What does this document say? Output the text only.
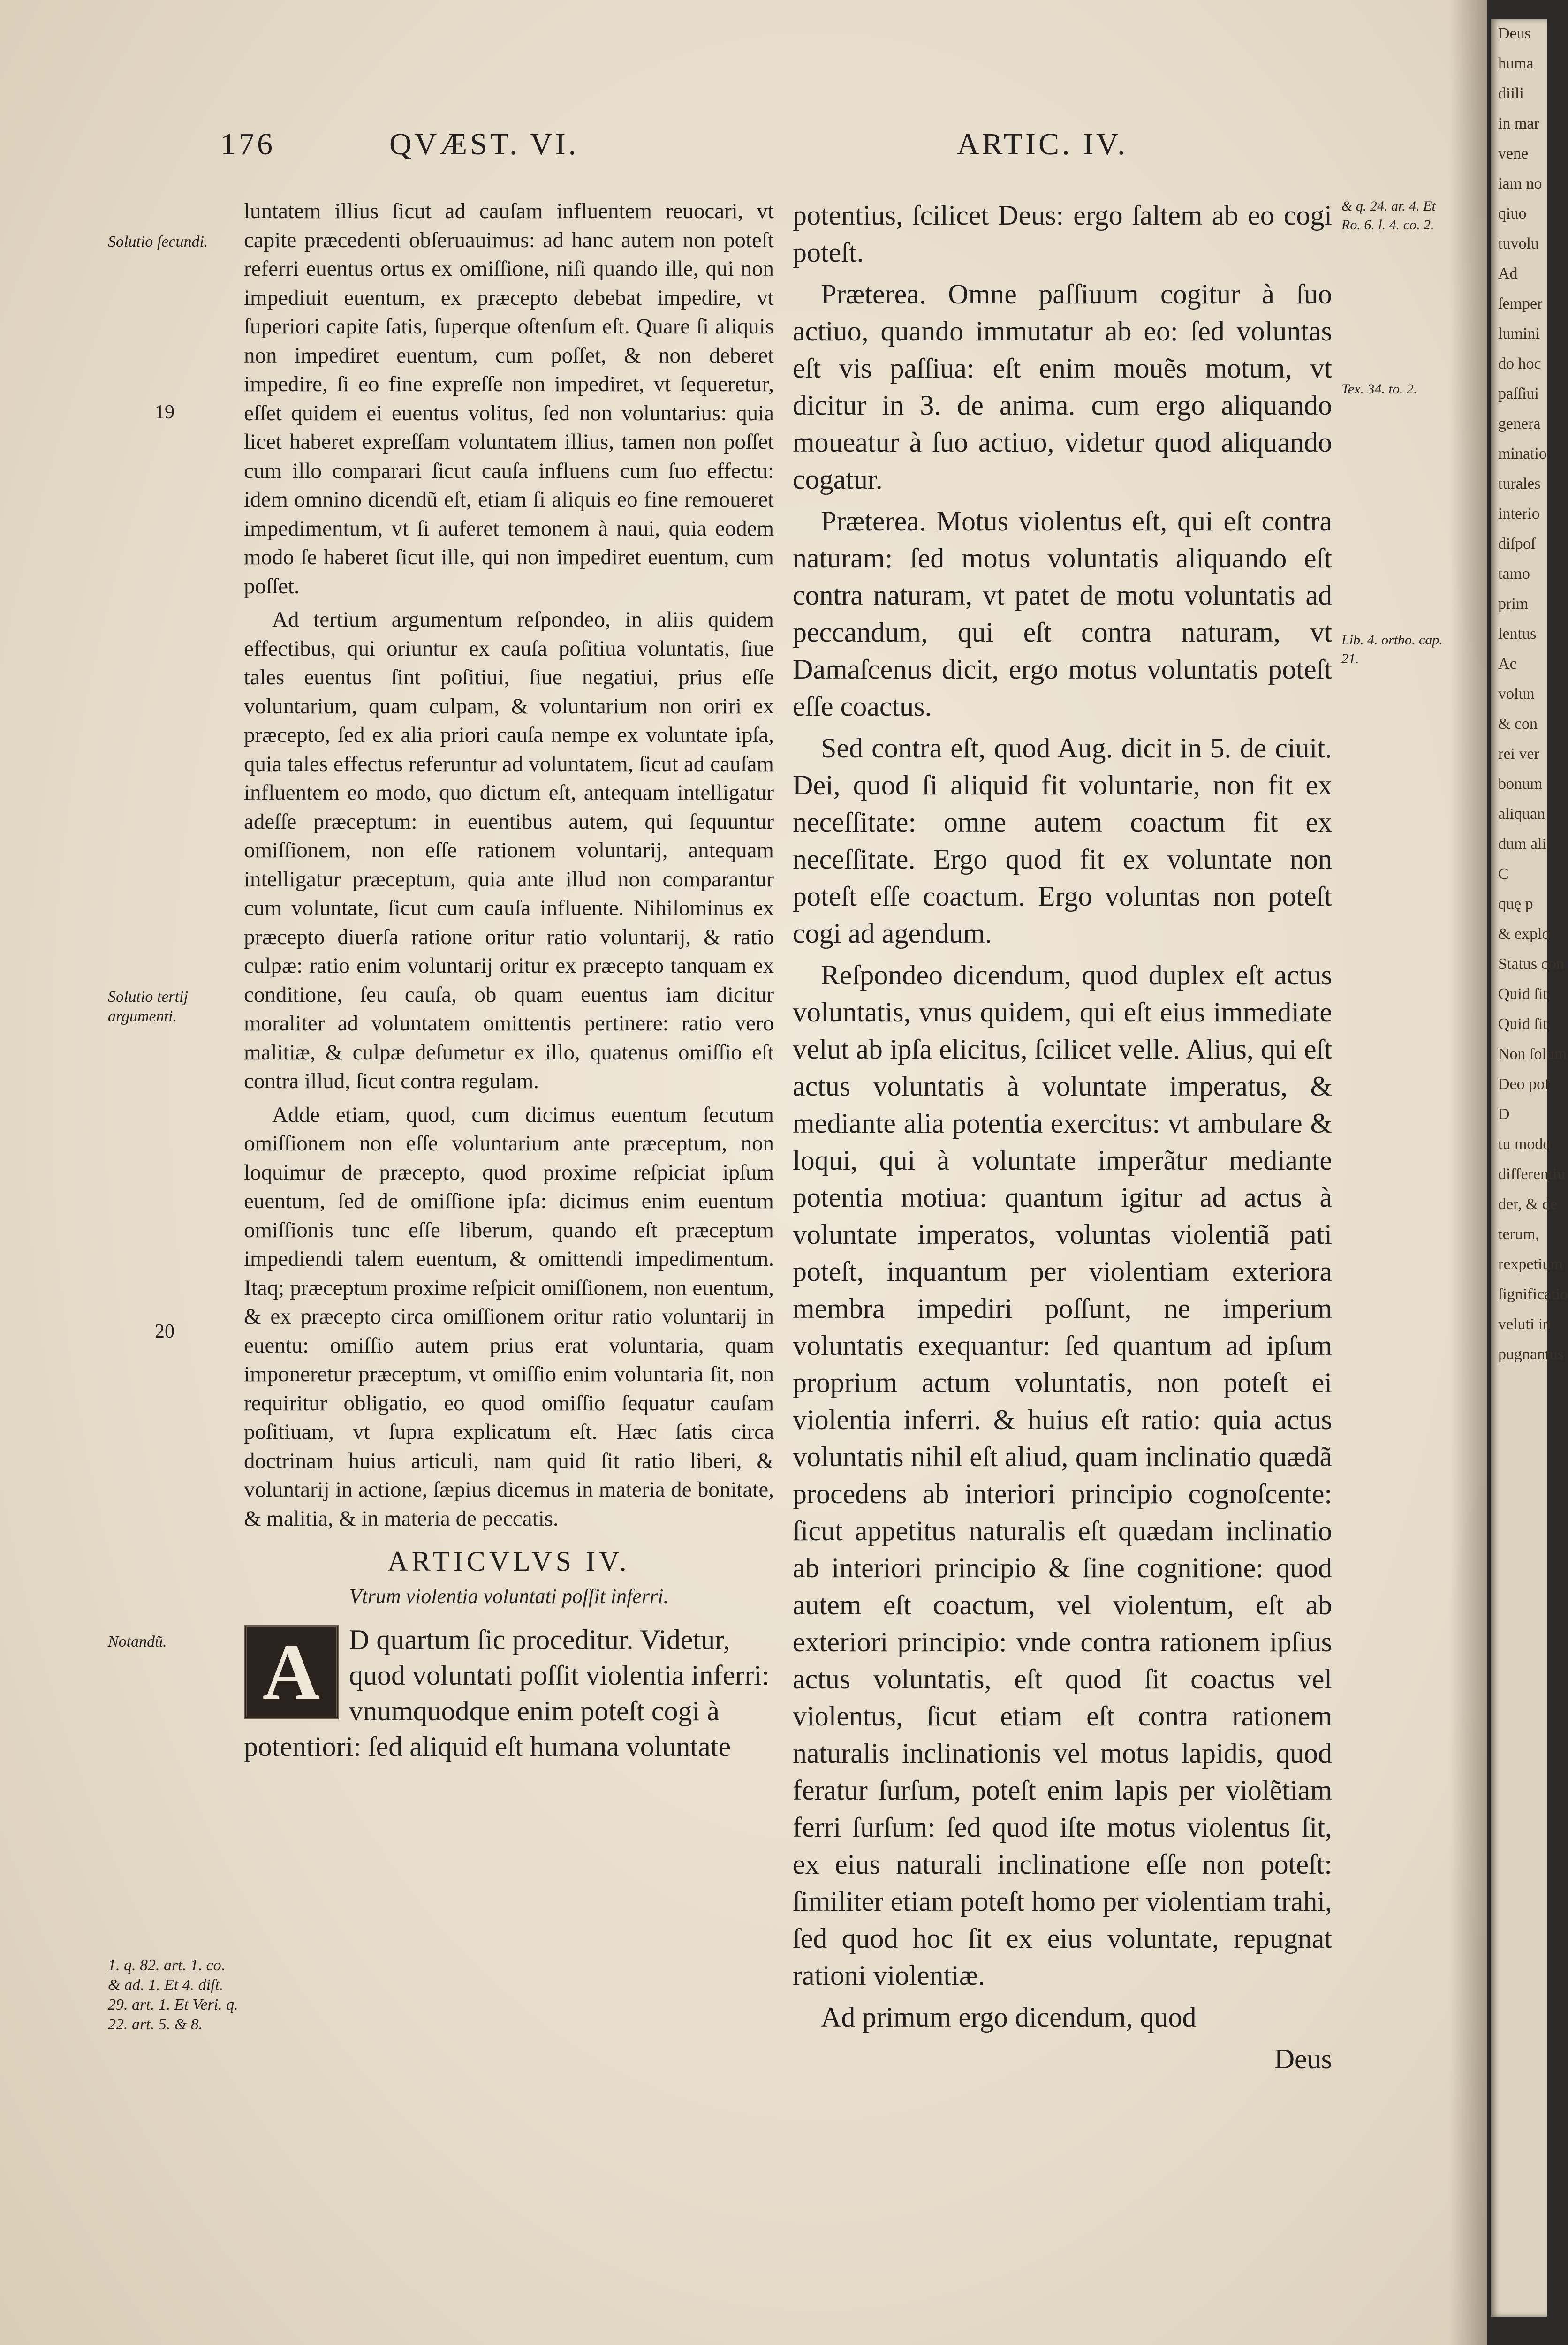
176	QVÆST. VI.	ARTIC. IV.
Solutio ſecundi.
19
Solutio tertij argumenti.
20
Notandũ.
1. q. 82. art. 1. co. & ad. 1. Et 4. diſt. 29. art. 1. Et Veri. q. 22. art. 5. & 8.

luntatem illius ſicut ad cauſam influentem reuocari, vt capite præcedenti obſeruauimus: ad hanc autem non poteſt referri euentus ortus ex omiſſione, niſi quando ille, qui non impediuit euentum, ex præcepto debebat impedire, vt ſuperiori capite ſatis, ſuperque oſtenſum eſt. Quare ſi aliquis non impediret euentum, cum poſſet, & non deberet impedire, ſi eo fine expreſſe non impediret, vt ſequeretur, eſſet quidem ei euentus volitus, ſed non voluntarius: quia licet haberet expreſſam voluntatem illius, tamen non poſſet cum illo comparari ſicut cauſa influens cum ſuo effectu: idem omnino dicendũ eſt, etiam ſi aliquis eo fine remoueret impedimentum, vt ſi auferet temonem à naui, quia eodem modo ſe haberet ſicut ille, qui non impediret euentum, cum poſſet.

Ad tertium argumentum reſpondeo, in aliis quidem effectibus, qui oriuntur ex cauſa poſitiua voluntatis, ſiue tales euentus ſint poſitiui, ſiue negatiui, prius eſſe voluntarium, quam culpam, & voluntarium non oriri ex præcepto, ſed ex alia priori cauſa nempe ex voluntate ipſa, quia tales effectus referuntur ad voluntatem, ſicut ad cauſam influentem eo modo, quo dictum eſt, antequam intelligatur adeſſe præceptum: in euentibus autem, qui ſequuntur omiſſionem, non eſſe rationem voluntarij, antequam intelligatur præceptum, quia ante illud non comparantur cum voluntate, ſicut cum cauſa influente. Nihilominus ex præcepto diuerſa ratione oritur ratio voluntarij, & ratio culpæ: ratio enim voluntarij oritur ex præcepto tanquam ex conditione, ſeu cauſa, ob quam euentus iam dicitur moraliter ad voluntatem omittentis pertinere: ratio vero malitiæ, & culpæ deſumetur ex illo, quatenus omiſſio eſt contra illud, ſicut contra regulam.

Adde etiam, quod, cum dicimus euentum ſecutum omiſſionem non eſſe voluntarium ante præceptum, non loquimur de præcepto, quod proxime reſpiciat ipſum euentum, ſed de omiſſione ipſa: dicimus enim euentum omiſſionis tunc eſſe liberum, quando eſt præceptum impediendi talem euentum, & omittendi impedimentum. Itaq; præceptum proxime reſpicit omiſſionem, non euentum, & ex præcepto circa omiſſionem oritur ratio voluntarij in euentu: omiſſio autem prius erat voluntaria, quam imponeretur præceptum, vt omiſſio enim voluntaria ſit, non requiritur obligatio, eo quod omiſſio ſequatur cauſam poſitiuam, vt ſupra explicatum eſt. Hæc ſatis circa doctrinam huius articuli, nam quid ſit ratio liberi, & voluntarij in actione, ſæpius dicemus in materia de bonitate, & malitia, & in materia de peccatis.

ARTICVLVS IV.
Vtrum violentia voluntati poſſit inferri.
A	D quartum ſic proceditur. Videtur, quod voluntati poſſit violentia inferri: vnumquodque enim poteſt cogi à potentiori: ſed aliquid eſt humana voluntate

potentius, ſcilicet Deus: ergo ſaltem ab eo cogi poteſt.

Præterea. Omne paſſiuum cogitur à ſuo actiuo, quando immutatur ab eo: ſed voluntas eſt vis paſſiua: eſt enim mouẽs motum, vt dicitur in 3. de anima. cum ergo aliquando moueatur à ſuo actiuo, videtur quod aliquando cogatur.

Præterea. Motus violentus eſt, qui eſt contra naturam: ſed motus voluntatis aliquando eſt contra naturam, vt patet de motu voluntatis ad peccandum, qui eſt contra naturam, vt Damaſcenus dicit, ergo motus voluntatis poteſt eſſe coactus.

Sed contra eſt, quod Aug. dicit in 5. de ciuit. Dei, quod ſi aliquid fit voluntarie, non fit ex neceſſitate: omne autem coactum fit ex neceſſitate. Ergo quod fit ex voluntate non poteſt eſſe coactum. Ergo voluntas non poteſt cogi ad agendum.

Reſpondeo dicendum, quod duplex eſt actus voluntatis, vnus quidem, qui eſt eius immediate velut ab ipſa elicitus, ſcilicet velle. Alius, qui eſt actus voluntatis à voluntate imperatus, & mediante alia potentia exercitus: vt ambulare & loqui, qui à voluntate imperãtur mediante potentia motiua: quantum igitur ad actus à voluntate imperatos, voluntas violentiã pati poteſt, inquantum per violentiam exteriora membra impediri poſſunt, ne imperium voluntatis exequantur: ſed quantum ad ipſum proprium actum voluntatis, non poteſt ei violentia inferri. & huius eſt ratio: quia actus voluntatis nihil eſt aliud, quam inclinatio quædã procedens ab interiori principio cognoſcente: ſicut appetitus naturalis eſt quædam inclinatio ab interiori principio & ſine cognitione: quod autem eſt coactum, vel violentum, eſt ab exteriori principio: vnde contra rationem ipſius actus voluntatis, eſt quod ſit coactus vel violentus, ſicut etiam eſt contra rationem naturalis inclinationis vel motus lapidis, quod feratur ſurſum, poteſt enim lapis per violẽtiam ferri ſurſum: ſed quod iſte motus violentus ſit, ex eius naturali inclinatione eſſe non poteſt: ſimiliter etiam poteſt homo per violentiam trahi, ſed quod hoc ſit ex eius voluntate, repugnat rationi violentiæ.

Ad primum ergo dicendum, quod

Deus

& q. 24. ar. 4. Et Ro. 6. l. 4. co. 2.
Tex. 34. to. 2.
Lib. 4. ortho. cap. 21.
Deus
huma
diili
in mar
vene
iam no
qiuo
tuvolu
Ad
ſemper
lumini
do hoc
paſſiui
genera
minatio
turales
interio
diſpoſ
tamo
prim
lentus
Ac
volun
& con
rei ver
bonum
aliquan
dum ali
C
quę p
& explo
Status con
Quid ſit
Quid ſit
Non ſolum
Deo pof
D
tu modo
differentiu
der, & de
terum,
rexpetium
ſignificatio
veluti in
pugnantus
